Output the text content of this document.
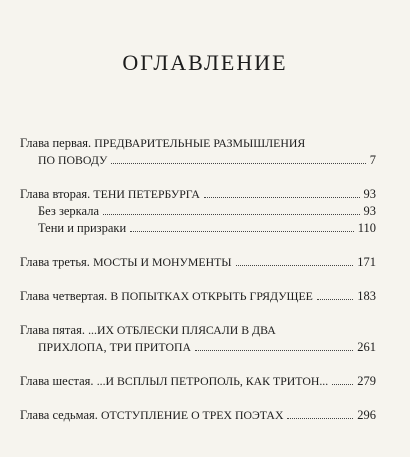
ОГЛАВЛЕНИЕ
Глава первая. ПРЕДВАРИТЕЛЬНЫЕ РАЗМЫШЛЕНИЯ
ПО ПОВОДУ	7
Глава вторая. ТЕНИ ПЕТЕРБУРГА	93
Без зеркала	93
Тени и призраки	110
Глава третья. МОСТЫ И МОНУМЕНТЫ	171
Глава четвертая. В ПОПЫТКАХ ОТКРЫТЬ ГРЯДУЩЕЕ	183
Глава пятая. ...ИХ ОТБЛЕСКИ ПЛЯСАЛИ В ДВА
ПРИХЛОПА, ТРИ ПРИТОПА	261
Глава шестая. ...И ВСПЛЫЛ ПЕТРОПОЛЬ, КАК ТРИТОН... 279
Глава седьмая. ОТСТУПЛЕНИЕ О ТРЕХ ПОЭТАХ	296
